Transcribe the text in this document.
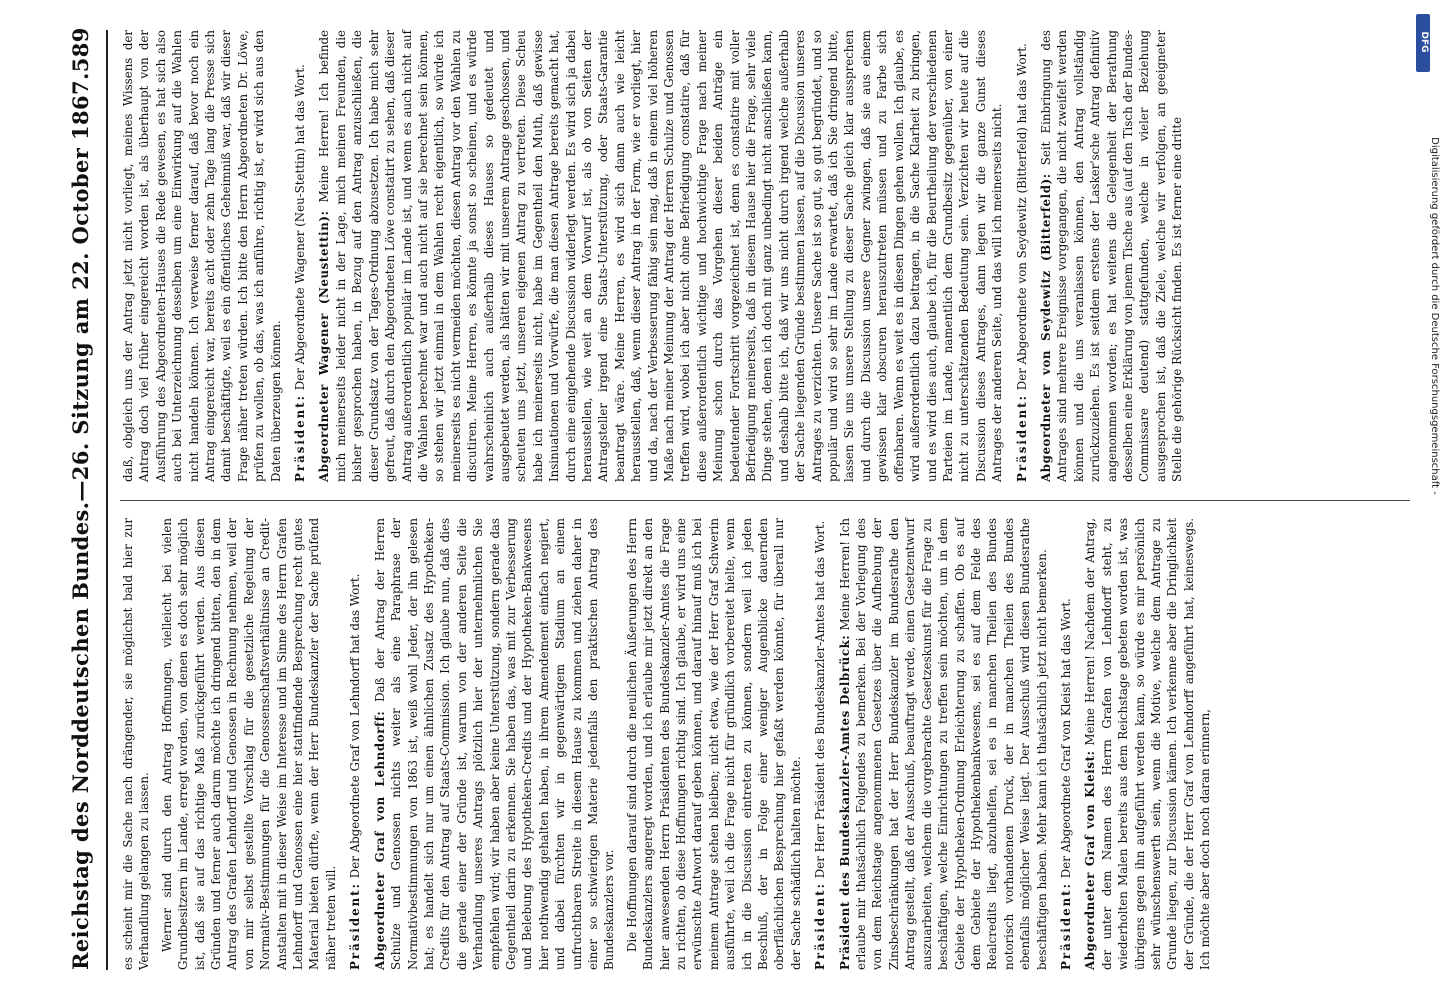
Reichstag des Norddeutschen Bundes.
—
26. Sitzung am 22. October 1867.
589

es scheint mir die Sache nach drängender, sie möglichst bald hier zur Verhandlung gelangen zu lassen. Werner sind durch den Antrag Hoffnungen, vielleicht bei vielen Grundbesitzern im Lande, erregt worden, von denen es doch sehr möglich ist, daß sie auf das richtige Maß zurückgeführt werden. Aus diesen Gründen und ferner auch darum möchte ich dringend bitten, den in dem Antrag des Grafen Lehndorff und Genossen in Rechnung nehmen, weil der von mir selbst gestellte Vorschlag für die gesetzliche Regelung der Normativ-Bestimmungen für die Genossenschaftsverhältnisse an Credit-Anstalten mit in dieser Weise im Interesse und im Sinne des Herrn Grafen Lehndorff und Genossen eine hier stattfindende Besprechung recht gutes Material bieten dürfte, wenn der Herr Bundeskanzler der Sache prüfend näher treten will. Präsident: Der Abgeordnete Graf von Lehndorff hat das Wort. Abgeordneter Graf von Lehndorff: Daß der Antrag der Herren Schulze und Genossen nichts weiter als eine Paraphrase der Normativbestimmungen von 1863 ist, weiß wohl Jeder, der ihn gelesen hat; es handelt sich nur um einen ähnlichen Zusatz des Hypotheken-Credits für den Antrag auf Staats-Commission. Ich glaube nun, daß dies die gerade einer der Gründe ist, warum von der anderen Seite die Verhandlung unseres Antrags plötzlich hier der unternehmlichen Sie empfehlen wird; wir haben aber keine Unterstützung, sondern gerade das Gegentheil darin zu erkennen. Sie haben das, was mit zur Verbesserung und Belebung des Hypotheken-Credits und der Hypotheken-Bankwesens hier nothwendig gehalten haben, in ihrem Amendement einfach negiert, und dabei fürchten wir in gegenwärtigem Stadium an einem unfruchtbaren Streite in diesem Hause zu kommen und ziehen daher in einer so schwierigen Materie jedenfalls den praktischen Antrag des Bundeskanzlers vor. Die Hoffnungen darauf sind durch die neulichen Äußerungen des Herrn Bundeskanzlers angeregt worden, und ich erlaube mir jetzt direkt an den hier anwesenden Herrn Präsidenten des Bundeskanzler-Amtes die Frage zu richten, ob diese Hoffnungen richtig sind. Ich glaube, er wird uns eine erwünschte Antwort darauf geben können, und darauf hinauf muß ich bei meinem Antrage stehen bleiben; nicht etwa, wie der Herr Graf Schwerin ausführte, weil ich die Frage nicht für gründlich vorbereitet hielte, wenn ich in die Discussion eintreten zu können, sondern weil ich jeden Beschluß, der in Folge einer weniger Augenblicke dauernden oberflächlichen Besprechung hier gefaßt werden könnte, für überall nur der Sache schädlich halten möchte. Präsident: Der Herr Präsident des Bundeskanzler-Amtes hat das Wort. Präsident des Bundeskanzler-Amtes Delbrück: Meine Herren! Ich erlaube mir thatsächlich Folgendes zu bemerken. Bei der Vorlegung des von dem Reichstage angenommenen Gesetzes über die Aufhebung der Zinsbeschränkungen hat der Herr Bundeskanzler im Bundesrathe den Antrag gestellt, daß der Ausschuß, beauftragt werde, einen Gesetzentwurf auszuarbeiten, welchem die vorgebrachte Gesetzeskunst für die Frage zu beschäftigen, welche Einrichtungen zu treffen sein möchten, um in dem Gebiete der Hypotheken-Ordnung Erleichterung zu schaffen. Ob es auf dem Gebiete der Hypothekenbankwesens, sei es auf dem Felde des Realcredits liegt, abzuhelfen, sei es in manchen Theilen des Bundes notorisch vorhandenen Druck, der in manchen Theilen des Bundes ebenfalls möglicher Weise liegt. Der Ausschuß wird diesen Bundesrathe beschäftigen haben. Mehr kann ich thatsächlich jetzt nicht bemerken. Präsident: Der Abgeordnete Graf von Kleist hat das Wort. Abgeordneter Graf von Kleist: Meine Herren! Nachdem der Antrag, der unter dem Namen des Herrn Grafen von Lehndorff steht, zu wiederholten Malen bereits aus dem Reichstage gebeten worden ist, was übrigens gegen ihn aufgeführt werden kann, so würde es mir persönlich sehr wünschenswerth sein, wenn die Motive, welche dem Antrage zu Grunde liegen, zur Discussion kämen. Ich verkenne aber die Dringlichkeit der Gründe, die der Herr Graf von Lehndorff angeführt hat, keineswegs. Ich möchte aber doch noch daran erinnern,

daß, obgleich uns der Antrag jetzt nicht vorliegt, meines Wissens der Antrag doch viel früher eingereicht worden ist, als überhaupt von der Ausführung des Abgeordneten-Hauses die Rede gewesen, es hat sich also auch bei Unterzeichnung desselben um eine Einwirkung auf die Wahlen nicht handeln können. Ich verweise ferner darauf, daß bevor noch ein Antrag eingereicht war, bereits acht oder zehn Tage lang die Presse sich damit beschäftigte, weil es ein öffentliches Geheimniß war, daß wir dieser Frage näher treten würden. Ich bitte den Herrn Abgeordneten Dr. Löwe, prüfen zu wollen, ob das, was ich anführe, richtig ist, er wird sich aus den Daten überzeugen können. Präsident: Der Abgeordnete Wagener (Neu-Stettin) hat das Wort. Abgeordneter Wagener (Neustettin): Meine Herren! Ich befinde mich meinerseits leider nicht in der Lage, mich meinen Freunden, die bisher gesprochen haben, in Bezug auf den Antrag anzuschließen, die dieser Grundsatz von der Tages-Ordnung abzusetzen. Ich habe mich sehr gefreut, daß durch den Abgeordneten Löwe constatirt zu sehen, daß dieser Antrag außerordentlich populär im Lande ist, und wenn es auch nicht auf die Wahlen berechnet war und auch nicht auf sie berechnet sein können, so stehen wir jetzt einmal in dem Wahlen recht eigentlich, so würde ich meinerseits es nicht vermeiden möchten, diesen Antrag vor den Wahlen zu discutiren. Meine Herren, es könnte ja sonst so scheinen, und es würde wahrscheinlich auch außerhalb dieses Hauses so gedeutet und ausgebeutet werden, als hätten wir mit unserem Antrage geschossen, und scheuten uns jetzt, unseren eigenen Antrag zu vertreten. Diese Scheu habe ich meinerseits nicht, habe im Gegentheil den Muth, daß gewisse Insinuationen und Vorwürfe, die man diesen Antrage bereits gemacht hat, durch eine eingehende Discussion widerlegt werden. Es wird sich ja dabei herausstellen, wie weit an dem Vorwurf ist, als ob von Seiten der Antragsteller irgend eine Staats-Unterstützung, oder Staats-Garantie beantragt wäre. Meine Herren, es wird sich dann auch wie leicht herausstellen, daß, wenn dieser Antrag in der Form, wie er vorliegt, hier und da, nach der Verbesserung fähig sein mag, daß in einem viel höheren Maße nach meiner Meinung der Antrag der Herren Schulze und Genossen treffen wird, wobei ich aber nicht ohne Befriedigung constatire, daß für diese außerordentlich wichtige und hochwichtige Frage nach meiner Meinung schon durch das Vorgehen dieser beiden Anträge ein bedeutender Fortschritt vorgezeichnet ist, denn es constatire mit voller Befriedigung meinerseits, daß in diesem Hause hier die Frage, sehr viele Dinge stehen, denen ich doch mit ganz unbedingt nicht anschließen kann, und deshalb bitte ich, daß wir uns nicht durch irgend welche außerhalb der Sache liegenden Gründe bestimmen lassen, auf die Discussion unseres Antrages zu verzichten. Unsere Sache ist so gut, so gut begründet, und so populär und wird so sehr im Lande erwartet, daß ich Sie dringend bitte, lassen Sie uns unsere Stellung zu dieser Sache gleich klar aussprechen und durch die Discussion unsere Gegner zwingen, daß sie aus einem gewissen klar obscuren herauszutreten müssen und zu Farbe sich offenbaren. Wenn es weit es in diesen Dingen gehen wollen. Ich glaube, es wird außerordentlich dazu beitragen, in die Sache Klarheit zu bringen, und es wird dies auch, glaube ich, für die Beurtheilung der verschiedenen Parteien im Lande, namentlich dem Grundbesitz gegenüber, von einer nicht zu unterschätzenden Bedeutung sein. Verzichten wir heute auf die Discussion dieses Antrages, dann legen wir die ganze Gunst dieses Antrages der anderen Seite, und das will ich meinerseits nicht. Präsident: Der Abgeordnete von Seydewitz (Bitterfeld) hat das Wort. Abgeordneter von Seydewitz (Bitterfeld): Seit Einbringung des Antrages sind mehrere Ereignisse vorgegangen, die nicht zweifelt werden können und die uns veranlassen können, den Antrag vollständig zurückzuziehen. Es ist seitdem erstens der Lasker'sche Antrag definitiv angenommen worden; es hat weitens die Gelegenheit der Berathung desselben eine Erklärung von jenem Tische aus (auf den Tisch der Bundes-Commissare deutend) stattgefunden, welche in vieler Beziehung ausgesprochen ist, daß die Ziele, welche wir verfolgen, an geeigneter Stelle die gehörige Rücksicht finden. Es ist ferner eine dritte

DFG
Digitalisierung gefördert durch die Deutsche Forschungsgemeinschaft -
